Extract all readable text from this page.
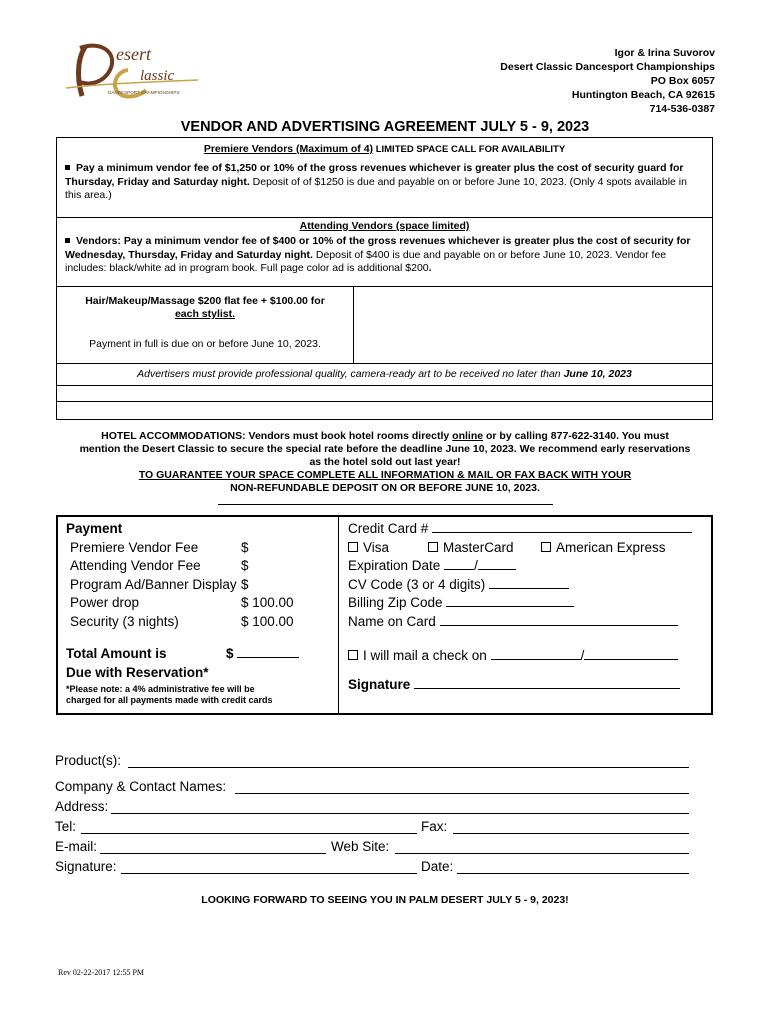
esert
lassic
DANCESPORT CHAMPIONSHIPS
Igor & Irina Suvorov
Desert Classic Dancesport Championships
PO Box 6057
Huntington Beach, CA 92615
714-536-0387
VENDOR AND ADVERTISING AGREEMENT JULY 5 - 9, 2023
Premiere Vendors (Maximum of 4) LIMITED SPACE CALL FOR AVAILABILITY
Pay a minimum vendor fee of $1,250 or 10% of the gross revenues whichever is greater plus the cost of security guard for Thursday, Friday and Saturday night. Deposit of of $1250 is due and payable on or before June 10, 2023. (Only 4 spots available in this area.)
Attending Vendors (space limited)
Vendors: Pay a minimum vendor fee of $400 or 10% of the gross revenues whichever is greater plus the cost of security for Wednesday, Thursday, Friday and Saturday night. Deposit of $400 is due and payable on or before June 10, 2023. Vendor fee includes: black/white ad in program book. Full page color ad is additional $200.
Hair/Makeup/Massage $200 flat fee + $100.00 for
each stylist.
Payment in full is due on or before June 10, 2023.
Advertisers must provide professional quality, camera-ready art to be received no later than June 10, 2023
HOTEL ACCOMMODATIONS: Vendors must book hotel rooms directly online or by calling 877-622-3140. You must
mention the Desert Classic to secure the special rate before the deadline June 10, 2023. We recommend early reservations
as the hotel sold out last year!
TO GUARANTEE YOUR SPACE COMPLETE ALL INFORMATION & MAIL OR FAX BACK WITH YOUR
NON-REFUNDABLE DEPOSIT ON OR BEFORE JUNE 10, 2023.
Payment
Premiere Vendor Fee	$
Attending Vendor Fee	$
Program Ad/Banner Display $
Power drop	$ 100.00
Security (3 nights)	$ 100.00
Total Amount is	$
Due with Reservation*
*Please note: a 4% administrative fee will be
charged for all payments made with credit cards
Credit Card #
Visa	MasterCard	American Express
Expiration Date	/
CV Code (3 or 4 digits)
Billing Zip Code
Name on Card
I will mail a check on	/
Signature
Product(s):
Company & Contact Names:
Address:
Tel:	Fax:
E-mail:	Web Site:
Signature:	Date:
LOOKING FORWARD TO SEEING YOU IN PALM DESERT JULY 5 - 9, 2023!
Rev 02-22-2017 12:55 PM
